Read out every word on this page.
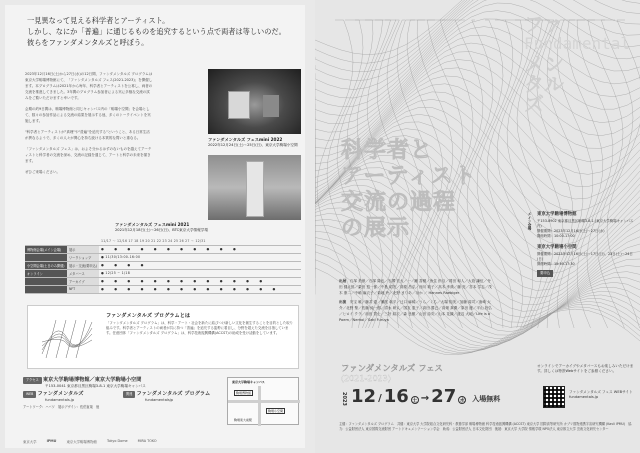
一見異なって見える科学者とアーティスト。
しかし、なにか「普遍」に通じるものを追究するという点で両者は等しいのだ。
彼らをファンダメンタルズと呼ぼう。

2023年12月16日(土)から27日(水)の12日間、ファンダメンタルズ プログラムは東京大学駒場博物館にて、「ファンダメンタルズ フェス(2021-2023)」を開催します。本プログラムは2021年から毎年、科学者とアーティストを公募し、両者の交流を推進してきました。3年間のプログラム参加者による実に多様な交流の試みをご覧いただけますと幸いです。

会期の約9日間は、駒場博物館と同じキャンパス内の「駒場小空間」を会場として、数々の参加作品による交流の結果を展示する他、多くのトークイベントを実施します。

"科学者とアーティストが"真理"や"普遍"を追究する"ということ、ある日常生活が異なるようで、多くの人々が関心を持ち続ける本質的な問いと重なる。

「ファンダメンタルズ フェス」は、およそ分かるはずのないものを越えてアーティストと科学者の交流を深め、交流の記録を通じて、アートと科学の未来を描きます。

ぜひご来場ください。

ファンダメンタルズ フェスmini 2022
2022年12月24日(土)〜25日(日)、東京大学駒場小空間
ファンダメンタルズ フェスmini 2021
2021年12月18日(土)〜26日(日)、BTC東京大学情報学環
		11/17 〜 12/16 17 18 19 20 21 22 23 24 25 26 27 〜 12/31
博物館会場(メイン会場)	展示	● ● ● ● ● ● ● ● ● ● ●
	ワークショップ	● 11/30/13:00-16:00
小空間会場(土日のみ開催)	展示・交流(要申込)	● ● ● ●
オンライン	メタバース	● 12/25 ~ 1/18
	アーカイブ	● ● ● ● ● ● ● ● ● ● ● ● ●
	NFT	● ● ● ● ● ● ● ● ● ● ● ● ● ●
ファンダメンタルズ プログラムとは
「ファンダメンタルズ プログラム」は、科学・アート・社会を新たに結びつけ新しい文化を創生することを目的とした取り組みです。科学者とアーティストの両者が共に持つ「普遍」を追究する姿勢に着目し、分野を超えた交流を目指しています。任意団体「ファンダメンタルズ プログラム」は、科学技術振興機構(ACCST)の助成を受け活動をしています。
アクセス 東京大学駒場博物館／東京大学駒場小空間
〒153-0041 東京都目黒区駒場3-8-1 東京大学駒場キャンパス
WEB ファンダメンタルズ
fundamentals.jp
関連 ファンダメンタルズ プログラム
fundamentalsjp
アートワーク：ハバワ　展示デザイン：佐伯直哉　他
東京大学駒場キャンパス
駒場博物館
駒場小空間
駒場東大前駅
東京大学	IPMU	東京大学駒場博物館	Tokyo Dome	MIRA TOKO
ファ
Fundamental
メン
タル
ズ
科学者と
アーティスト
交流の過程
の展示
出展　 石塚 美保／石塚 隆也／石澤 宏大／一ノ瀬 香穂／魚住 紗百／岡田 和人／大島 謙伍／寺田 健太郎／栗田 悠一郎／中島 昭宏／高梨 昌弘／西川 莉子／高木 孝典／藤 亮／宮本 学志／茂木 康二／中嶋 麻衣子／菊地 玲／北野 まりあ／ほか ／ Hannes Raebiger
出演　 安宝 暁／藤井 恵／瀬尾 竜平／辻口 麻稀／うら／くち／大場 知美／加藤 周司／唐崎 大介／北野 聖／佐藤 純一郎／清水 研人／国友 恵子／高田 勝己／高畑 真優／原田 遼／平山 好弘／ヒロイ クラ／前田 智士／三好 結衣／森 良樹／山田 詩央／山本 花織／渡辺 大地／Life is a Poem／Nerhol／Saki Furuya
メイン会場 東京大学駒場博物館
〒153-8902 東京都目黒区駒場3-8-1 (東京大学駒場キャンパス内)
開催期間：2023年12月16日(土)〜27日(水)
開館時間：10:00-17:00
東京大学駒場小空間
開催期間：2023年12月16日(土)〜17日(日)、23日(土)〜24日(日)
開館時間：15:30-17:30
要申込
ファンダメンタルズ フェス
(2021-2023)
2023 12 / 16 土 → 27 水 入場無料
オンラインでアーカイブやメタバースもお楽しみいただけます。詳しくは特設Webサイトをご参照ください。
ファンダメンタルズ フェス WEBサイト
fundamentals.jp
主催：ファンダメンタルズ プログラム　共催：東京大学 大学院総合文化研究科・教養学部 駒場博物館 科学技術振興機構 (ACCST) 東京大学 国際高等研究所 カブリ数物連携宇宙研究機構 (Kavli IPMU)　協力：公益財団法人 東京国際交流財団 アートドキュメンテーション学会　助成：公益財団法人 日本文化財団　後援：東京大学 大学院 情報学環 NPO法人 東京都立大学 芸術文化研究センター
